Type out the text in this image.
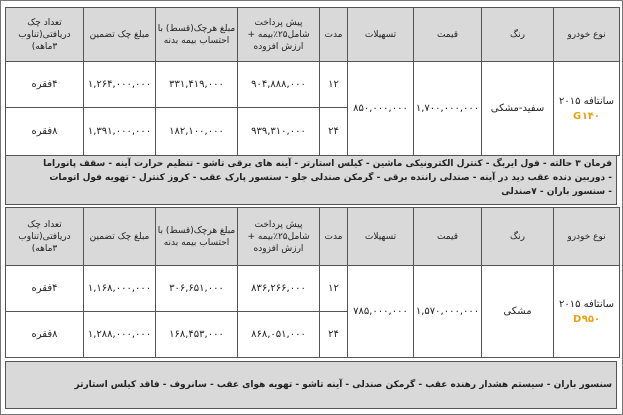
نوع خودرو	رنگ	قیمت	تسهیلات	مدت	پیش پرداخت شامل۲۵٪بیمه + ارزش افزوده	مبلغ هرچک(قسط) با احتساب بیمه بدنه	مبلغ چک تضمین	تعداد چک دریافتی(تناوب ۳ماهه)
سانتافه ۲۰۱۵
G۱۴۰	سفید-مشکی	۱,۷۰۰,۰۰۰,۰۰۰	۸۵۰,۰۰۰,۰۰۰	۱۲	۹۰۴,۸۸۸,۰۰۰	۳۳۱,۴۱۹,۰۰۰	۱,۲۶۴,۰۰۰,۰۰۰	۴فقره
				۲۴	۹۳۹,۳۱۰,۰۰۰	۱۸۲,۱۰۰,۰۰۰	۱,۳۹۱,۰۰۰,۰۰۰	۸فقره
فرمان ۳ حالته - فول ایربگ - کنترل الکترونیکی ماشین - کیلس استارتر - آینه های برقی تاشو - تنظیم حرارت آینه - سقف پانوراما
- دوربین دنده عقب دید در آینه - صندلی راننده برقی - گرمکن صندلی جلو - سنسور پارک عقب - کروز کنترل - تهویه فول اتومات
- سنسور باران - ۷صندلی
نوع خودرو	رنگ	قیمت	تسهیلات	مدت	پیش پرداخت شامل۲۵٪بیمه + ارزش افزوده	مبلغ هرچک(قسط) با احتساب بیمه بدنه	مبلغ چک تضمین	تعداد چک دریافتی(تناوب ۳ماهه)
سانتافه ۲۰۱۵
D۹۵۰	مشکی	۱,۵۷۰,۰۰۰,۰۰۰	۷۸۵,۰۰۰,۰۰۰	۱۲	۸۳۶,۲۶۶,۰۰۰	۳۰۶,۶۵۱,۰۰۰	۱,۱۶۸,۰۰۰,۰۰۰	۴فقره
				۲۴	۸۶۸,۰۵۱,۰۰۰	۱۶۸,۴۵۳,۰۰۰	۱,۲۸۸,۰۰۰,۰۰۰	۸فقره
سنسور باران - سیستم هشدار رهنده عقب - گرمکن صندلی - آینه تاشو - تهویه هوای عقب - سانروف - فاقد کیلس استارتر
